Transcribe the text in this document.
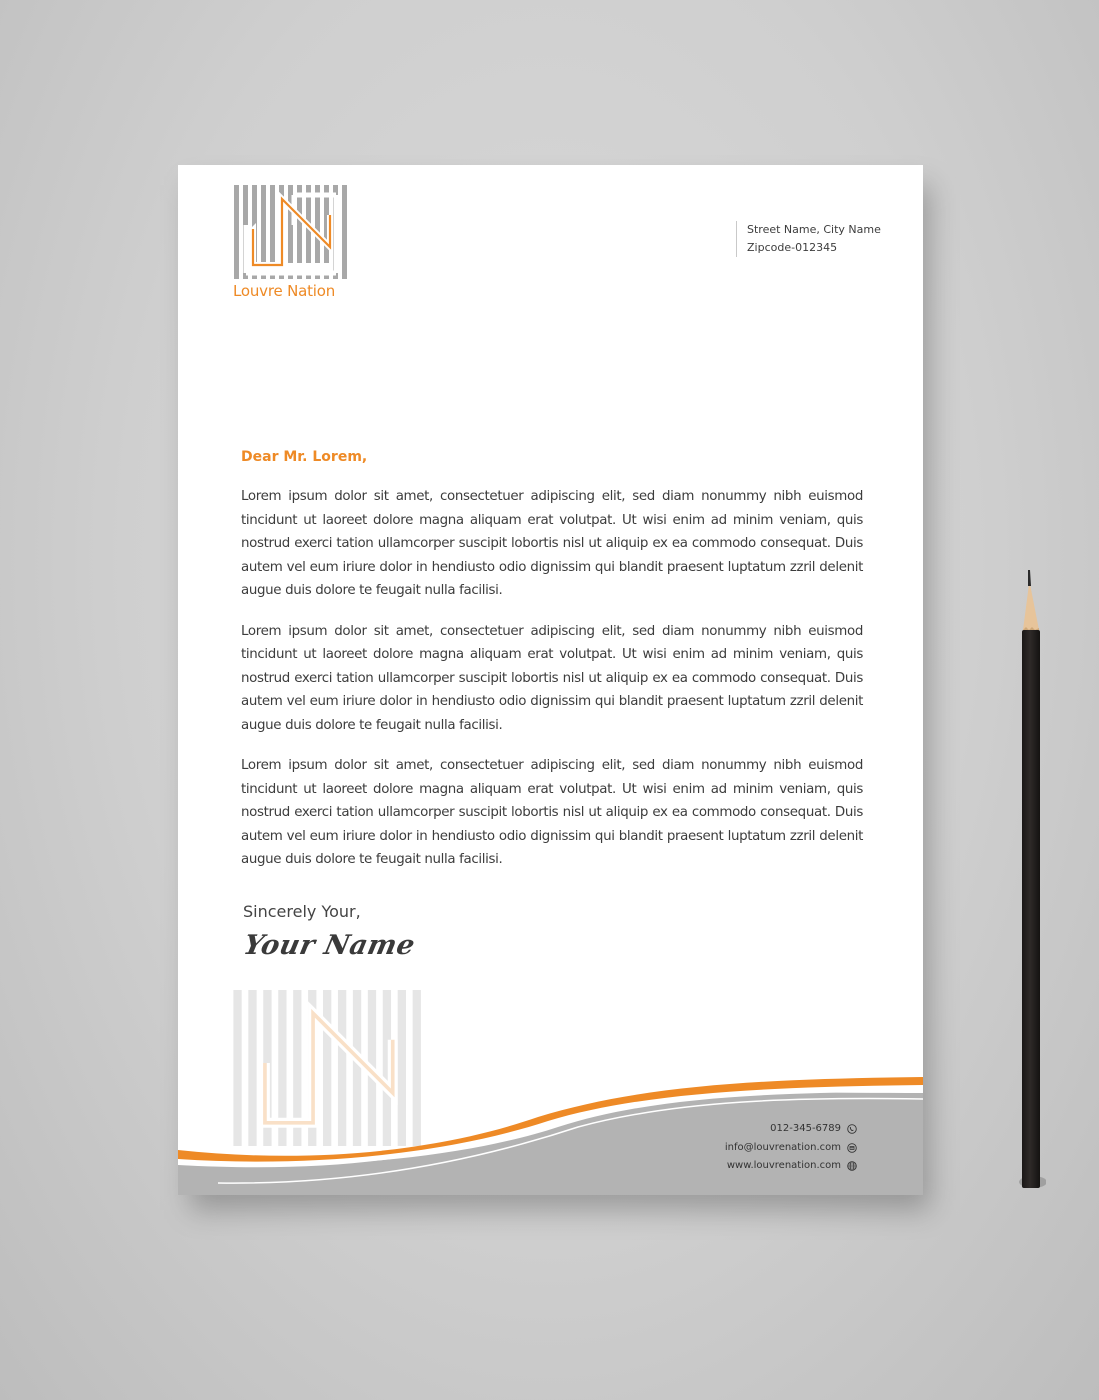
Louvre Nation
Street Name, City Name
Zipcode-012345
Dear Mr. Lorem,

Lorem ipsum dolor sit amet, consectetuer adipiscing elit, sed diam nonummy nibh euismod tincidunt ut laoreet dolore magna aliquam erat volutpat. Ut wisi enim ad minim veniam, quis nostrud exerci tation ullamcorper suscipit lobortis nisl ut aliquip ex ea commodo consequat. Duis autem vel eum iriure dolor in hendiusto odio dignissim qui blandit praesent luptatum zzril delenit augue duis dolore te feugait nulla facilisi.

Lorem ipsum dolor sit amet, consectetuer adipiscing elit, sed diam nonummy nibh euismod tincidunt ut laoreet dolore magna aliquam erat volutpat. Ut wisi enim ad minim veniam, quis nostrud exerci tation ullamcorper suscipit lobortis nisl ut aliquip ex ea commodo consequat. Duis autem vel eum iriure dolor in hendiusto odio dignissim qui blandit praesent luptatum zzril delenit augue duis dolore te feugait nulla facilisi.

Lorem ipsum dolor sit amet, consectetuer adipiscing elit, sed diam nonummy nibh euismod tincidunt ut laoreet dolore magna aliquam erat volutpat. Ut wisi enim ad minim veniam, quis nostrud exerci tation ullamcorper suscipit lobortis nisl ut aliquip ex ea commodo consequat. Duis autem vel eum iriure dolor in hendiusto odio dignissim qui blandit praesent luptatum zzril delenit augue duis dolore te feugait nulla facilisi.

Sincerely Your,
Your Name
012-345-6789
info@louvrenation.com
www.louvrenation.com
